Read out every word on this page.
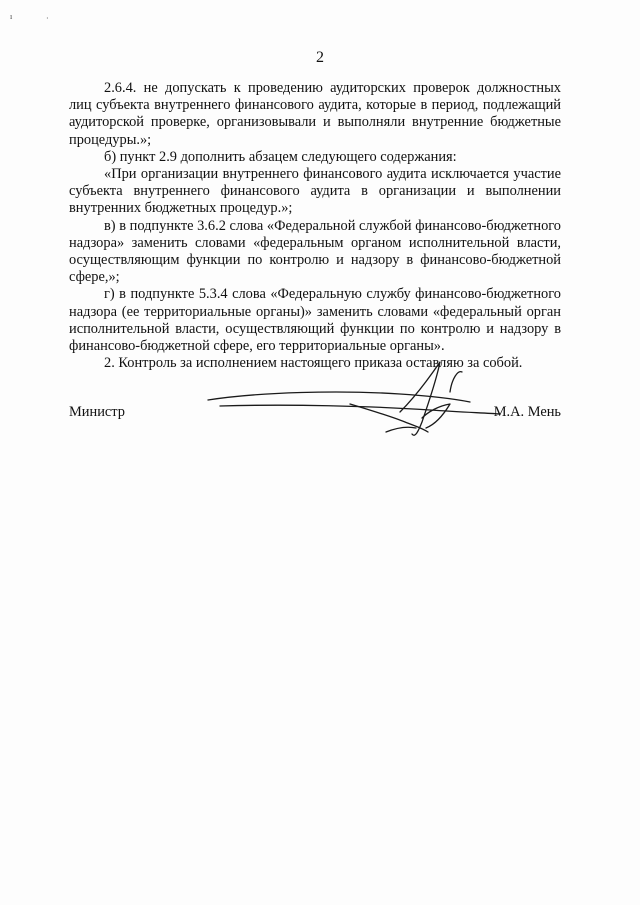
ı	·
2

2.6.4. не допускать к проведению аудиторских проверок должностных лиц субъекта внутреннего финансового аудита, которые в период, подлежащий аудиторской проверке, организовывали и выполняли внутренние бюджетные процедуры.»;

б) пункт 2.9 дополнить абзацем следующего содержания:

«При организации внутреннего финансового аудита исключается участие субъекта внутреннего финансового аудита в организации и выполнении внутренних бюджетных процедур.»;

в) в подпункте 3.6.2 слова «Федеральной службой финансово-бюджетного надзора» заменить словами «федеральным органом исполнительной власти, осуществляющим функции по контролю и надзору в финансово-бюджетной сфере,»;

г) в подпункте 5.3.4 слова «Федеральную службу финансово-бюджетного надзора (ее территориальные органы)» заменить словами «федеральный орган исполнительной власти, осуществляющий функции по контролю и надзору в финансово-бюджетной сфере, его территориальные органы».

2. Контроль за исполнением настоящего приказа оставляю за собой.

Министр	М.А. Мень
